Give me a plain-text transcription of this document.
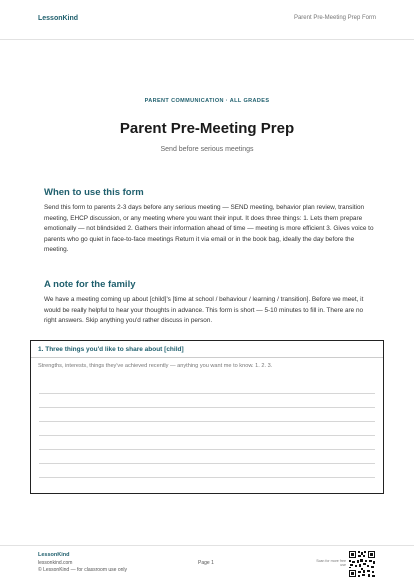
LessonKind	Parent Pre-Meeting Prep Form
PARENT COMMUNICATION · ALL GRADES
Parent Pre-Meeting Prep
Send before serious meetings
When to use this form
Send this form to parents 2-3 days before any serious meeting — SEND meeting, behavior plan review, transition meeting, EHCP discussion, or any meeting where you want their input. It does three things: 1. Lets them prepare emotionally — not blindsided 2. Gathers their information ahead of time — meeting is more efficient 3. Gives voice to parents who go quiet in face-to-face meetings Return it via email or in the book bag, ideally the day before the meeting.
A note for the family
We have a meeting coming up about [child]'s [time at school / behaviour / learning / transition]. Before we meet, it would be really helpful to hear your thoughts in advance. This form is short — 5-10 minutes to fill in. There are no right answers. Skip anything you'd rather discuss in person.
1. Three things you'd like to share about [child]
Strengths, interests, things they've achieved recently — anything you want me to know. 1. 2. 3.
LessonKind
lessonkind.com
© LessonKind — for classroom use only
Page 1	Scan for more free use
